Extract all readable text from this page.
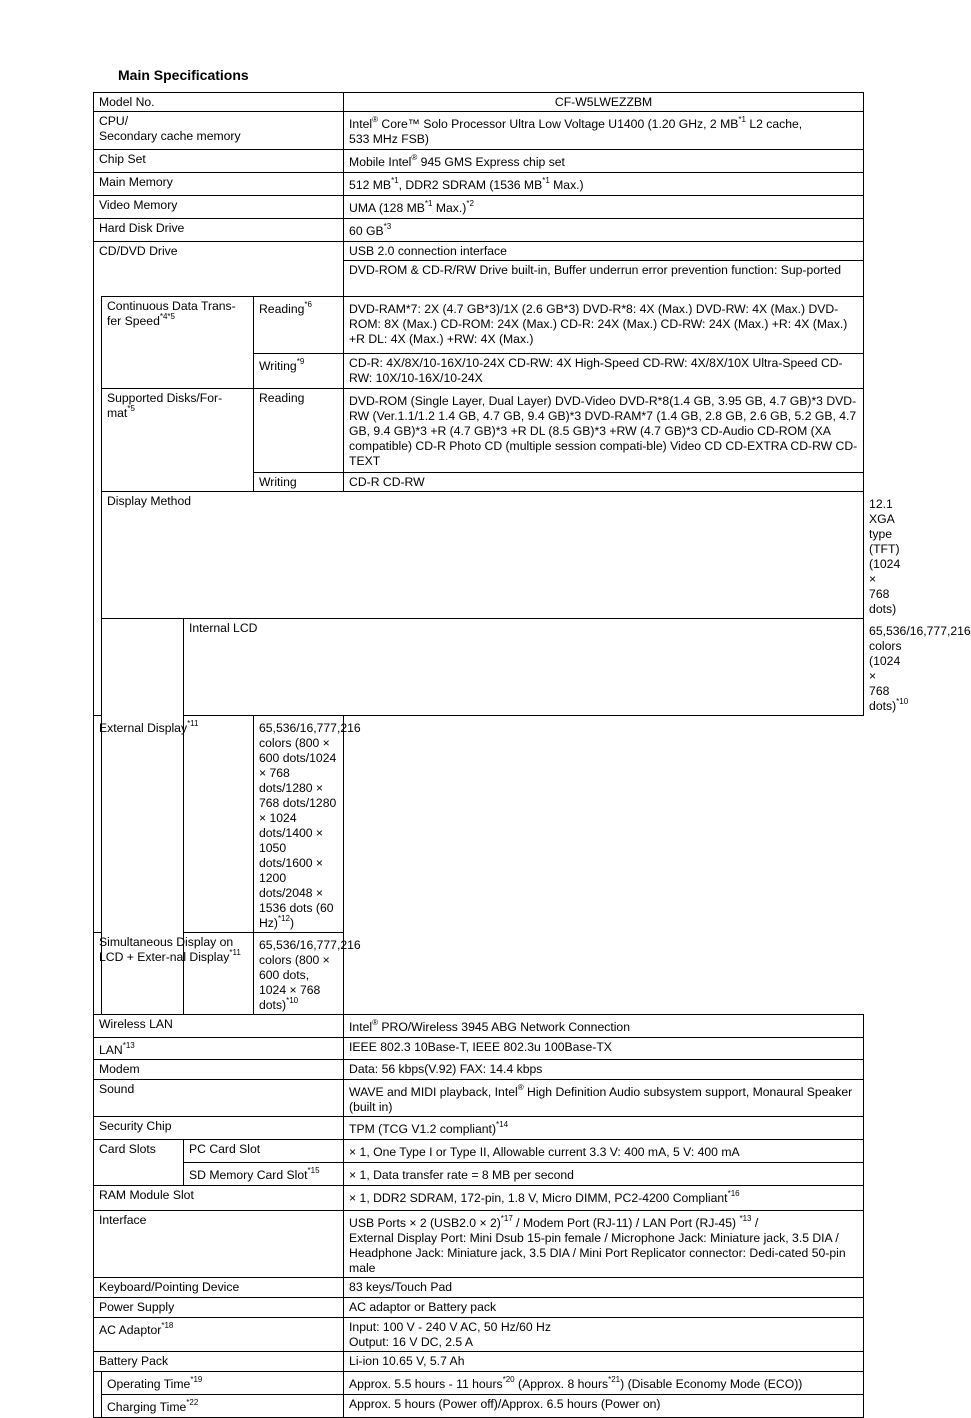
Main Specifications
Model No.				CF-W5LWEZZBM	
CPU/
Secondary cache memory				Intel® Core™ Solo Processor Ultra Low Voltage U1400 (1.20 GHz, 2 MB$^{*1}$ L2 cache,
533 MHz FSB)	
Chip Set				Mobile Intel® 945 GMS Express chip set	
Main Memory				512 MB$^{*1}$, DDR2 SDRAM (1536 MB$^{*1}$ Max.)	
Video Memory				UMA (128 MB$^{*1}$ Max.)$^{*2}$
Hard Disk Drive				60 GB$^{*3}$
CD/DVD Drive				USB 2.0 connection interface	
				DVD-ROM & CD-R/RW Drive built-in, Buffer underrun error prevention function: Sup-ported	
	Continuous Data Trans-fer Speed$^{*4*5}$		Reading$^{*6}$	DVD-RAM*7: 2X (4.7 GB*3)/1X (2.6 GB*3) DVD-R*8: 4X (Max.) DVD-RW: 4X (Max.) DVD-ROM: 8X (Max.) CD-ROM: 24X (Max.) CD-R: 24X (Max.) CD-RW: 24X (Max.) +R: 4X (Max.) +R DL: 4X (Max.) +RW: 4X (Max.)	
			Writing$^{*9}$	CD-R: 4X/8X/10-16X/10-24X CD-RW: 4X High-Speed CD-RW: 4X/8X/10X Ultra-Speed CD-RW: 10X/10-16X/10-24X	
	Supported Disks/For-mat$^{*5}$		Reading	DVD-ROM (Single Layer, Dual Layer) DVD-Video DVD-R*8(1.4 GB, 3.95 GB, 4.7 GB)*3 DVD-RW (Ver.1.1/1.2 1.4 GB, 4.7 GB, 9.4 GB)*3 DVD-RAM*7 (1.4 GB, 2.8 GB, 2.6 GB, 5.2 GB, 4.7 GB, 9.4 GB)*3 +R (4.7 GB)*3 +R DL (8.5 GB)*3 +RW (4.7 GB)*3 CD-Audio CD-ROM (XA compatible) CD-R Photo CD (multiple session compati-ble) Video CD CD-EXTRA CD-RW CD-TEXT	
			Writing	CD-R CD-RW	
	Display Method				12.1 XGA type (TFT) (1024 × 768 dots)
		Internal LCD			65,536/16,777,216 colors (1024 × 768 dots)$^{*10}$
External Display$^{*11}$			65,536/16,777,216 colors (800 × 600 dots/1024 × 768 dots/1280 × 768 dots/1280 × 1024 dots/1400 × 1050 dots/1600 × 1200 dots/2048 × 1536 dots (60 Hz)$^{*12}$)		
Simultaneous Display on LCD + Exter-nal Display$^{*11}$			65,536/16,777,216 colors (800 × 600 dots, 1024 × 768 dots)$^{*10}$
Wireless LAN				Intel® PRO/Wireless 3945 ABG Network Connection	
LAN$^{*13}$				IEEE 802.3 10Base-T, IEEE 802.3u 100Base-TX	
Modem				Data: 56 kbps(V.92) FAX: 14.4 kbps	
Sound				WAVE and MIDI playback, Intel® High Definition Audio subsystem support, Monaural Speaker (built in)	
Security Chip				TPM (TCG V1.2 compliant)$^{*14}$
Card Slots		PC Card Slot		× 1, One Type I or Type II, Allowable current 3.3 V: 400 mA, 5 V: 400 mA	
		SD Memory Card Slot$^{*15}$		× 1, Data transfer rate = 8 MB per second	
RAM Module Slot				× 1, DDR2 SDRAM, 172-pin, 1.8 V, Micro DIMM, PC2-4200 Compliant$^{*16}$
Interface				USB Ports × 2 $(USB2.0 \times 2)^{*17}$ / Modem Port (RJ-11) / LAN Port (RJ-45) $^{*13}$ /
External Display Port: Mini Dsub 15-pin female / Microphone Jack: Miniature jack, 3.5 DIA / Headphone Jack: Miniature jack, 3.5 DIA / Mini Port Replicator connector: Dedi-cated 50-pin male	
Keyboard/Pointing Device				83 keys/Touch Pad	
Power Supply				AC adaptor or Battery pack	
AC Adaptor$^{*18}$				Input: 100 V - 240 V AC, 50 Hz/60 Hz
Output: 16 V DC, 2.5 A	
Battery Pack				Li-ion 10.65 V, 5.7 Ah	
	Operating Time$^{*19}$			Approx. 5.5 hours - 11 hours$^{*20}$ (Approx. 8 hours$^{*21}$) (Disable Economy Mode (ECO))	
	Charging Time$^{*22}$			Approx. 5 hours (Power off)/Approx. 6.5 hours (Power on)	
